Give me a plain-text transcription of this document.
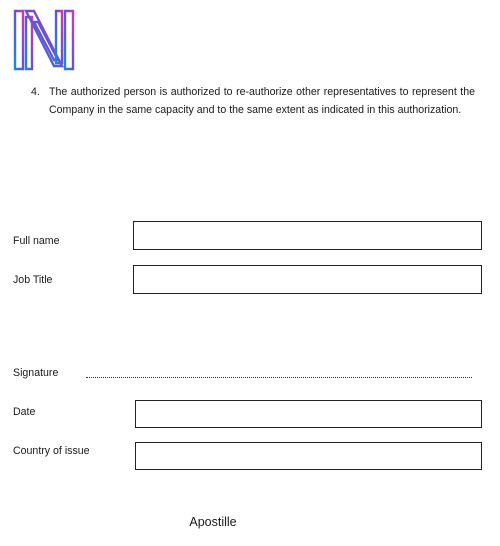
4. The authorized person is authorized to re-authorize other representatives to represent the Company in the same capacity and to the same extent as indicated in this authorization.
Full name
Job Title
Signature
Date
Country of issue
Apostille
